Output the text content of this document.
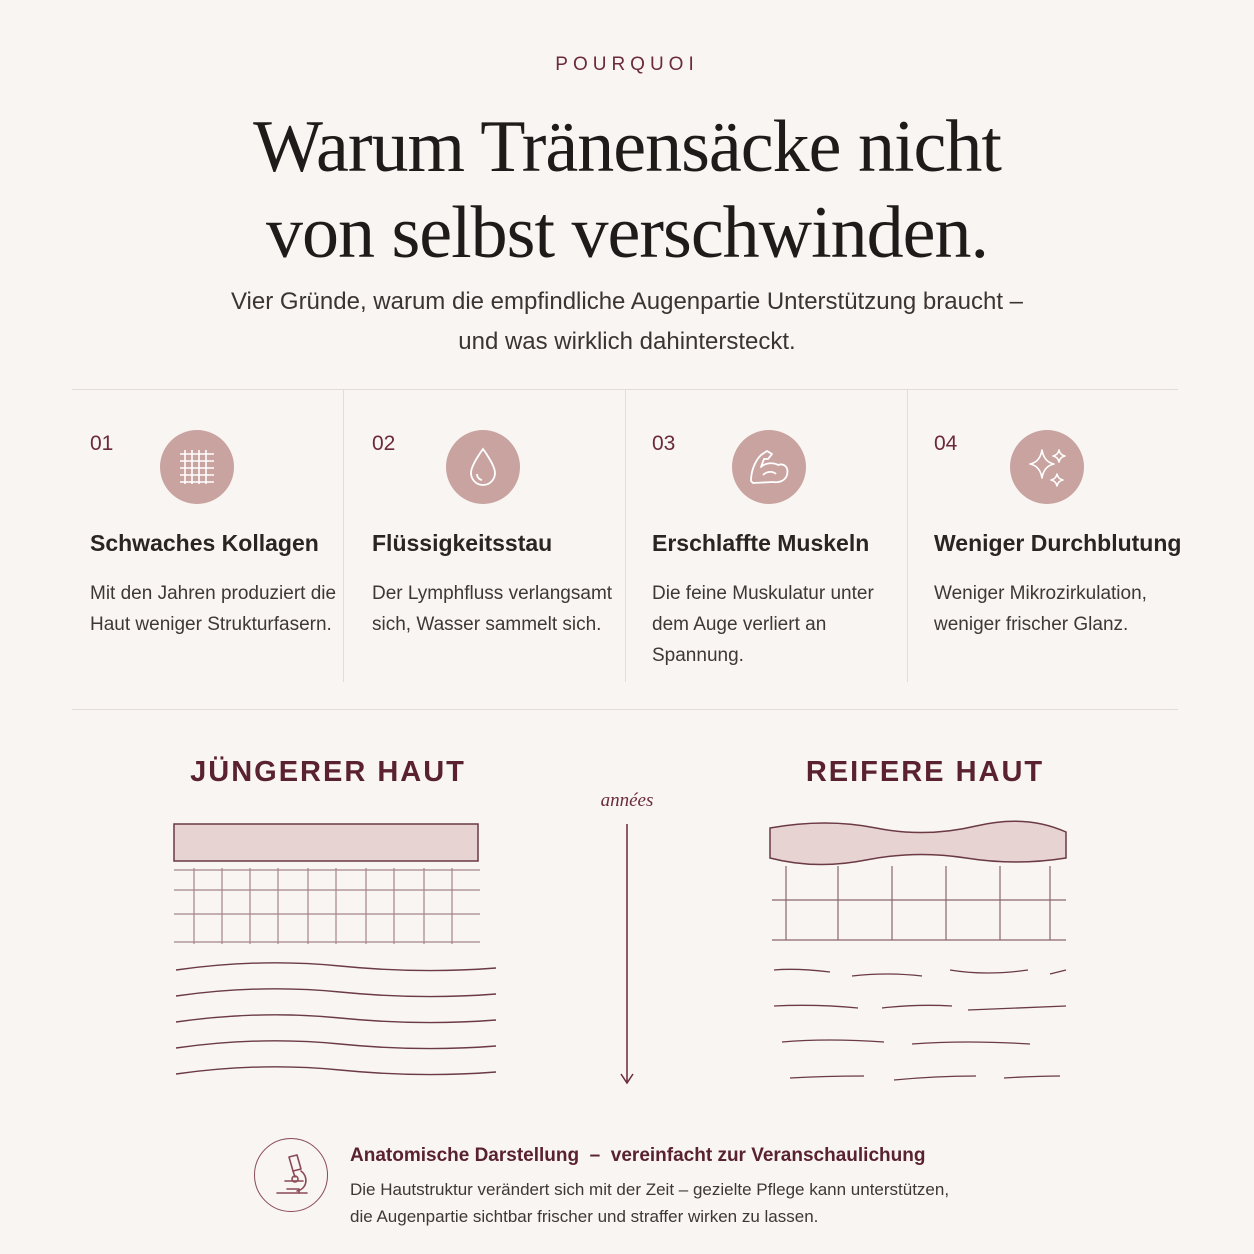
POURQUOI
Warum Tränensäcke nicht
von selbst verschwinden.

Vier Gründe, warum die empfindliche Augenpartie Unterstützung braucht –
und was wirklich dahintersteckt.

01
Schwaches Kollagen
Mit den Jahren produziert die Haut weniger Strukturfasern.
02
Flüssigkeitsstau
Der Lymphfluss verlangsamt sich, Wasser sammelt sich.
03
Erschlaffte Muskeln
Die feine Muskulatur unter dem Auge verliert an Spannung.
04
Weniger Durchblutung
Weniger Mikrozirkulation, weniger frischer Glanz.
JÜNGERER HAUT	REIFERE HAUT
années
Anatomische Darstellung  –  vereinfacht zur Veranschaulichung

Die Hautstruktur verändert sich mit der Zeit – gezielte Pflege kann unterstützen,
die Augenpartie sichtbar frischer und straffer wirken zu lassen.
